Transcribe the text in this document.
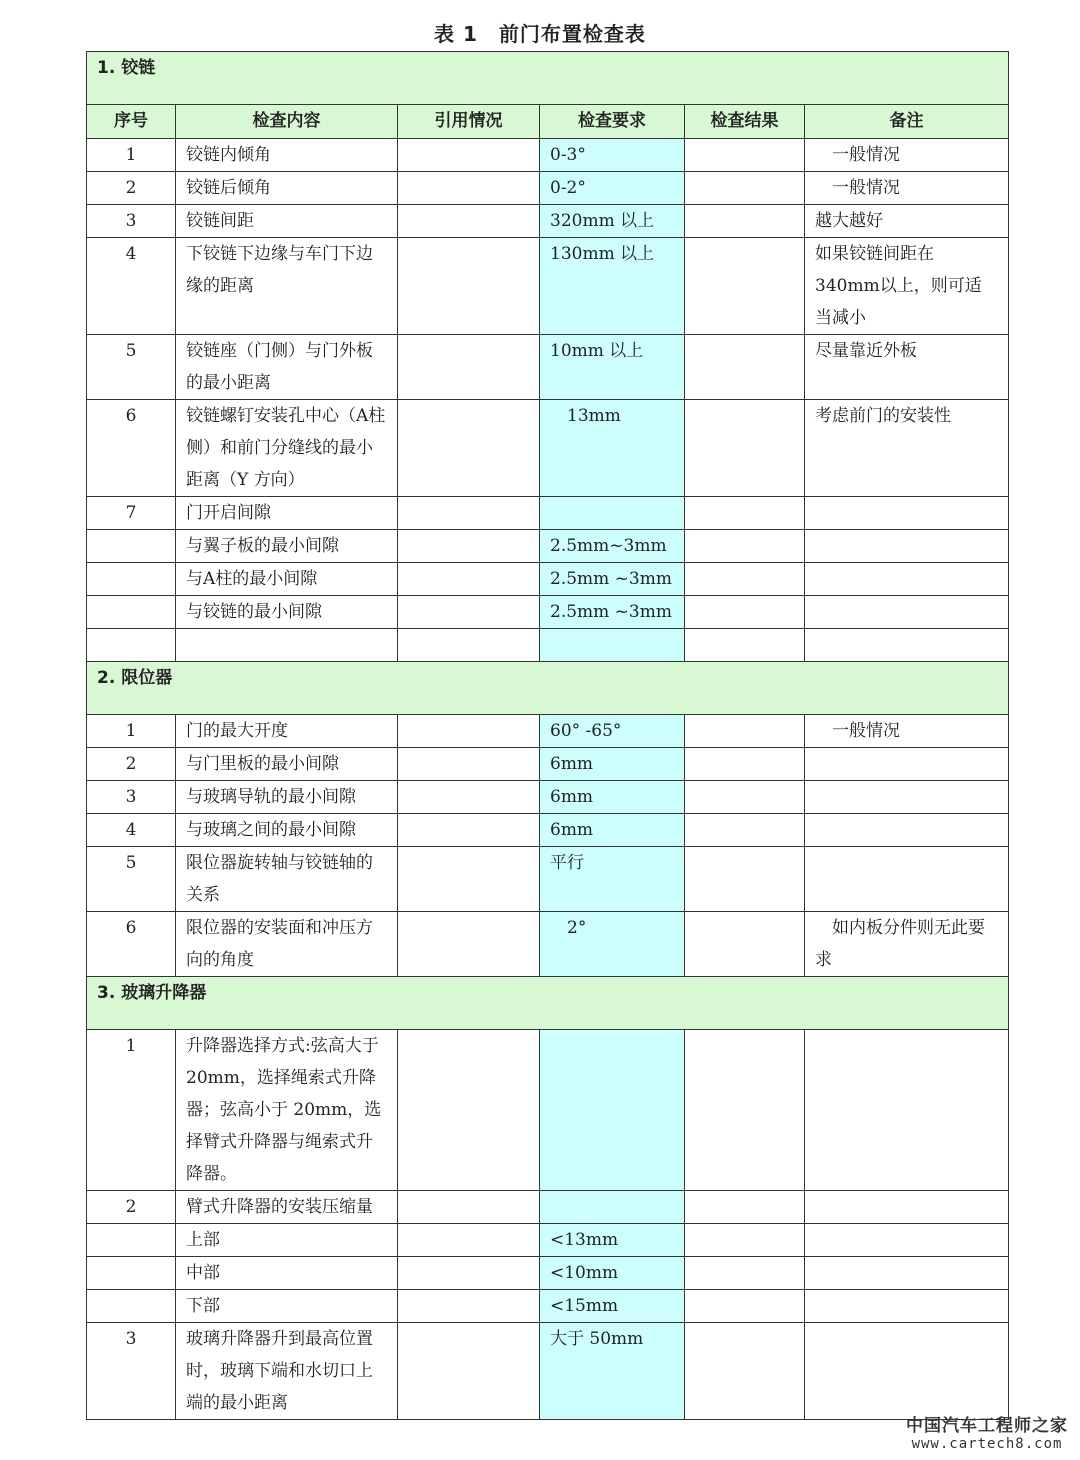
表 1　前门布置检查表
1. 铰链					
序号	检查内容	引用情况	检查要求	检查结果	备注
1	铰链内倾角		0-3°		　一般情况
2	铰链后倾角		0-2°		　一般情况
3	铰链间距		320mm 以上		越大越好
4	下铰链下边缘与车门下边缘的距离		130mm 以上		如果铰链间距在340mm以上，则可适当减小
5	铰链座（门侧）与门外板的最小距离		10mm 以上		尽量靠近外板
6	铰链螺钉安装孔中心（A柱侧）和前门分缝线的最小距离（Y 方向）		　13mm		考虑前门的安装性
7	门开启间隙				
	与翼子板的最小间隙		2.5mm~3mm		
	与A柱的最小间隙		2.5mm ~3mm		
	与铰链的最小间隙		2.5mm ~3mm		

2. 限位器					
1	门的最大开度		60° -65°		　一般情况
2	与门里板的最小间隙		6mm		
3	与玻璃导轨的最小间隙		6mm		
4	与玻璃之间的最小间隙		6mm		
5	限位器旋转轴与铰链轴的关系		平行		
6	限位器的安装面和冲压方向的角度		　2°		　如内板分件则无此要求
3. 玻璃升降器					
1	升降器选择方式:弦高大于 20mm，选择绳索式升降器；弦高小于 20mm，选择臂式升降器与绳索式升降器。				
2	臂式升降器的安装压缩量				
	上部		<13mm		
	中部		<10mm		
	下部		<15mm		
3	玻璃升降器升到最高位置时，玻璃下端和水切口上端的最小距离		大于 50mm		
中国汽车工程师之家
www.cartech8.com
